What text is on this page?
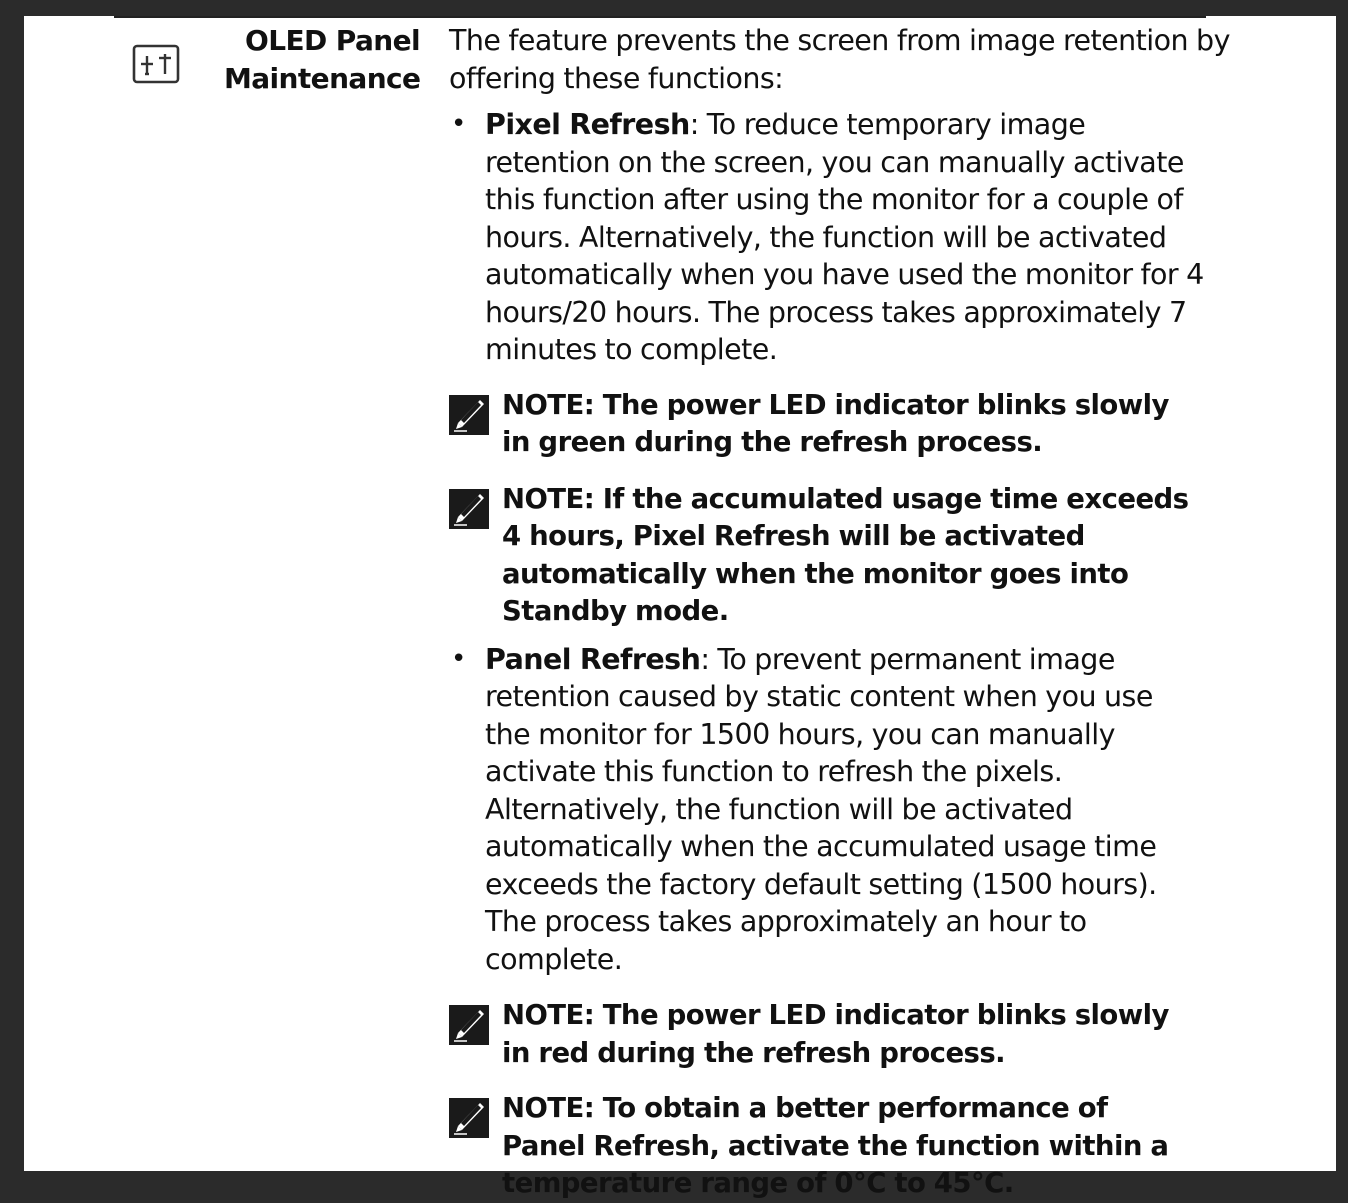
OLED Panel
Maintenance

The feature prevents the screen from image retention by offering these functions:

• Pixel Refresh: To reduce temporary image retention on the screen, you can manually activate this function after using the monitor for a couple of hours. Alternatively, the function will be activated automatically when you have used the monitor for 4 hours/20 hours. The process takes approximately 7 minutes to complete.
NOTE: The power LED indicator blinks slowly in green during the refresh process.
NOTE: If the accumulated usage time exceeds 4 hours, Pixel Refresh will be activated automatically when the monitor goes into Standby mode.
• Panel Refresh: To prevent permanent image retention caused by static content when you use the monitor for 1500 hours, you can manually activate this function to refresh the pixels. Alternatively, the function will be activated automatically when the accumulated usage time exceeds the factory default setting (1500 hours). The process takes approximately an hour to complete.
NOTE: The power LED indicator blinks slowly in red during the refresh process.
NOTE: To obtain a better performance of Panel Refresh, activate the function within a temperature range of 0°C to 45°C.
